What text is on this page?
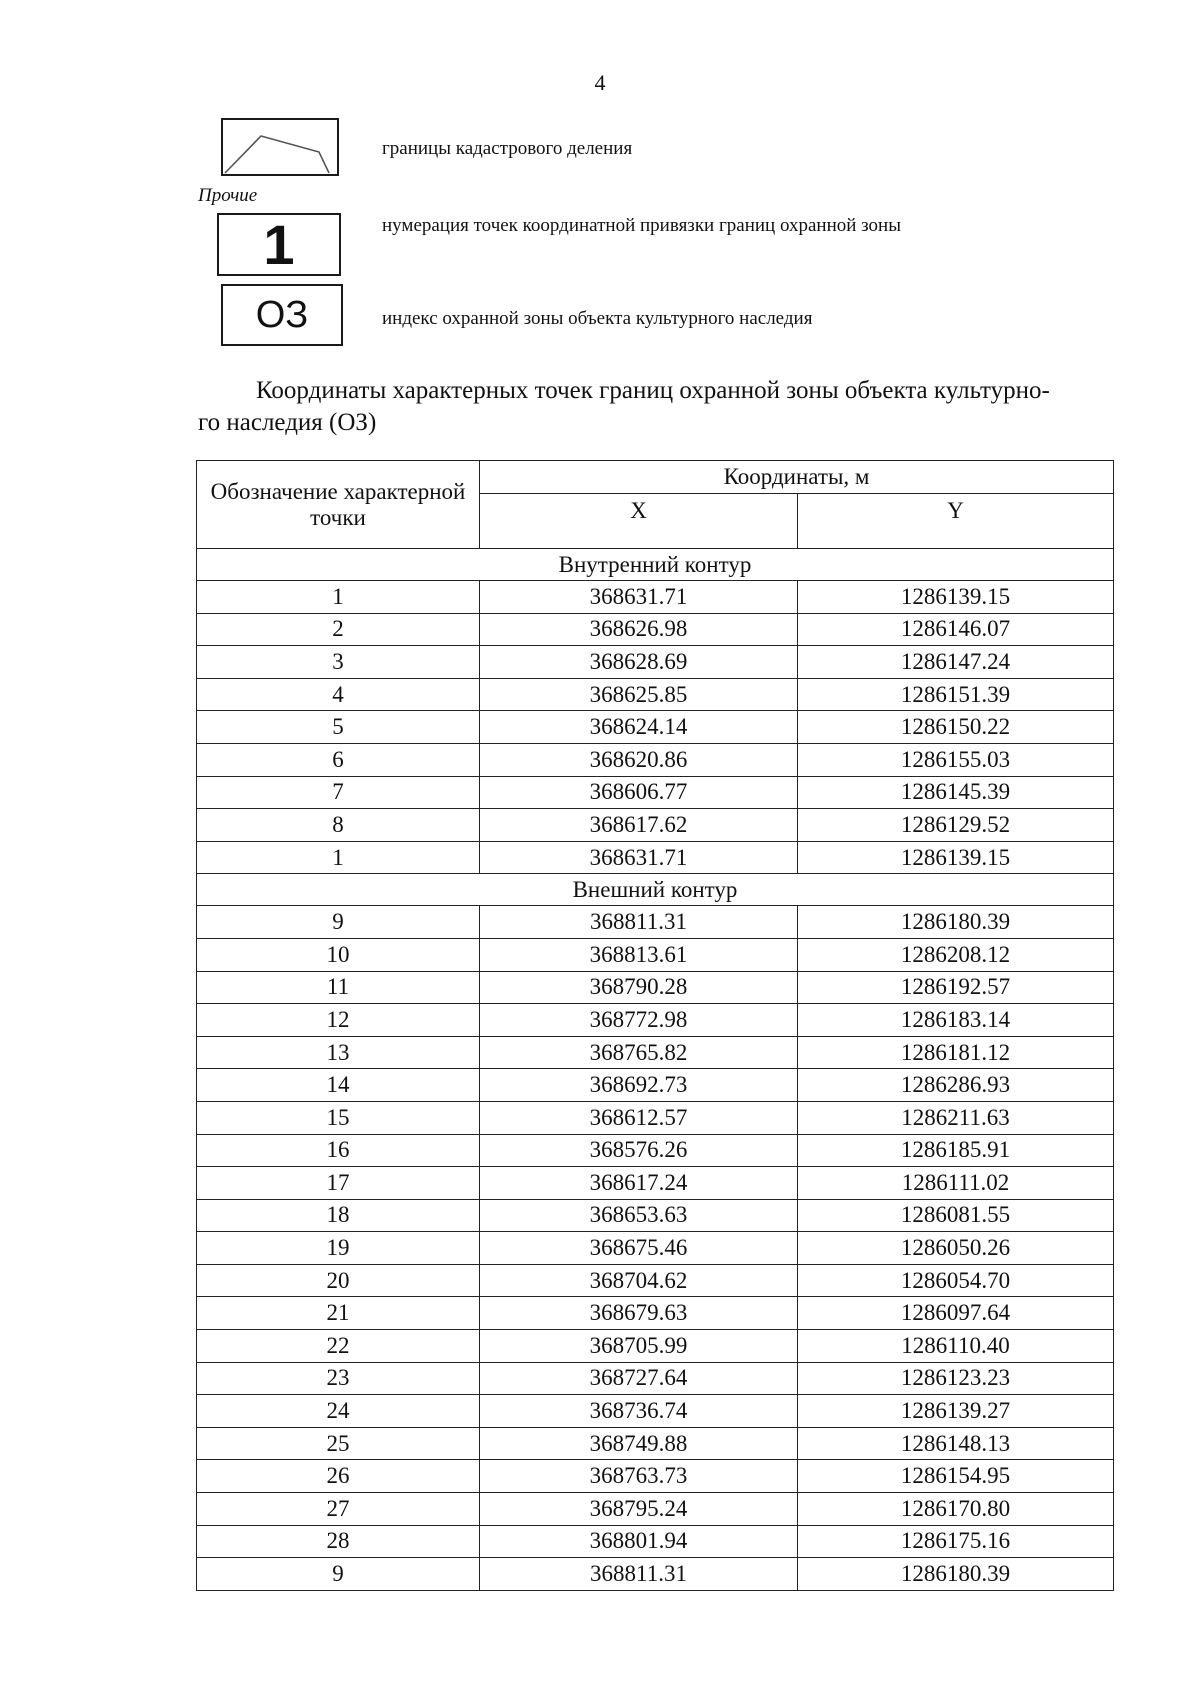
4
границы кадастрового деления
Прочие
1	нумерация точек координатной привязки границ охранной зоны
ОЗ	индекс охранной зоны объекта культурного наследия
Координаты характерных точек границ охранной зоны объекта культурно-
го наследия (ОЗ)
Обозначение характерной точки	Координаты, м	
	X	Y
Внутренний контур		
1	368631.71	1286139.15
2	368626.98	1286146.07
3	368628.69	1286147.24
4	368625.85	1286151.39
5	368624.14	1286150.22
6	368620.86	1286155.03
7	368606.77	1286145.39
8	368617.62	1286129.52
1	368631.71	1286139.15
Внешний контур		
9	368811.31	1286180.39
10	368813.61	1286208.12
11	368790.28	1286192.57
12	368772.98	1286183.14
13	368765.82	1286181.12
14	368692.73	1286286.93
15	368612.57	1286211.63
16	368576.26	1286185.91
17	368617.24	1286111.02
18	368653.63	1286081.55
19	368675.46	1286050.26
20	368704.62	1286054.70
21	368679.63	1286097.64
22	368705.99	1286110.40
23	368727.64	1286123.23
24	368736.74	1286139.27
25	368749.88	1286148.13
26	368763.73	1286154.95
27	368795.24	1286170.80
28	368801.94	1286175.16
9	368811.31	1286180.39
